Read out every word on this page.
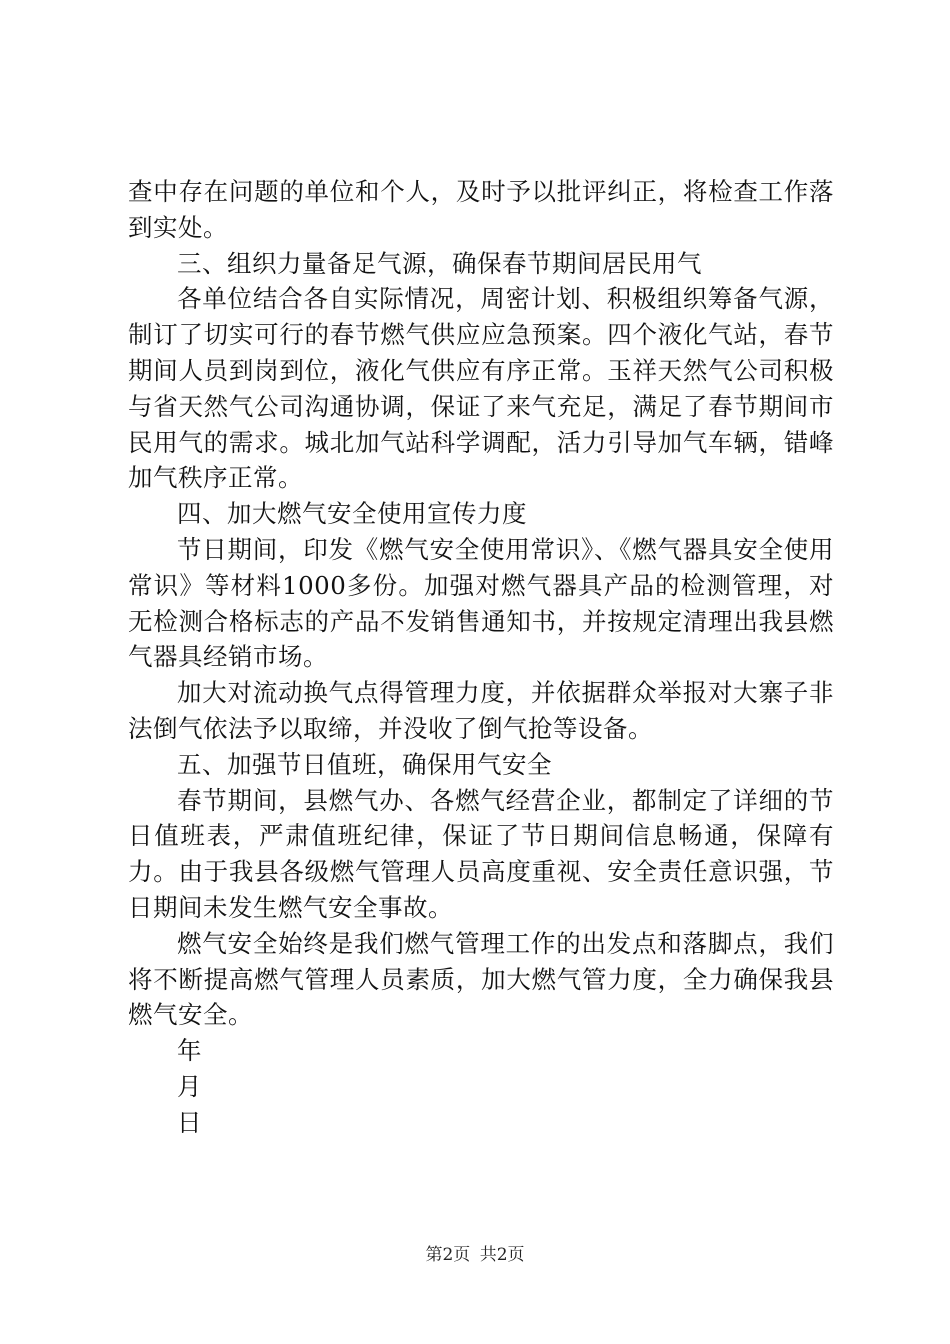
查中存在问题的单位和个人，及时予以批评纠正，将检查工作落到实处。

三、组织力量备足气源，确保春节期间居民用气

各单位结合各自实际情况，周密计划、积极组织筹备气源，制订了切实可行的春节燃气供应应急预案。四个液化气站，春节期间人员到岗到位，液化气供应有序正常。玉祥天然气公司积极与省天然气公司沟通协调，保证了来气充足，满足了春节期间市民用气的需求。城北加气站科学调配，活力引导加气车辆，错峰加气秩序正常。

四、加大燃气安全使用宣传力度

节日期间，印发《燃气安全使用常识》、《燃气器具安全使用常识》等材料1000多份。加强对燃气器具产品的检测管理，对无检测合格标志的产品不发销售通知书，并按规定清理出我县燃气器具经销市场。

加大对流动换气点得管理力度，并依据群众举报对大寨子非法倒气依法予以取缔，并没收了倒气抢等设备。

五、加强节日值班，确保用气安全

春节期间，县燃气办、各燃气经营企业，都制定了详细的节日值班表，严肃值班纪律，保证了节日期间信息畅通，保障有力。由于我县各级燃气管理人员高度重视、安全责任意识强，节日期间未发生燃气安全事故。

燃气安全始终是我们燃气管理工作的出发点和落脚点，我们将不断提高燃气管理人员素质，加大燃气管力度，全力确保我县燃气安全。

年

月

日

第2页 共2页
